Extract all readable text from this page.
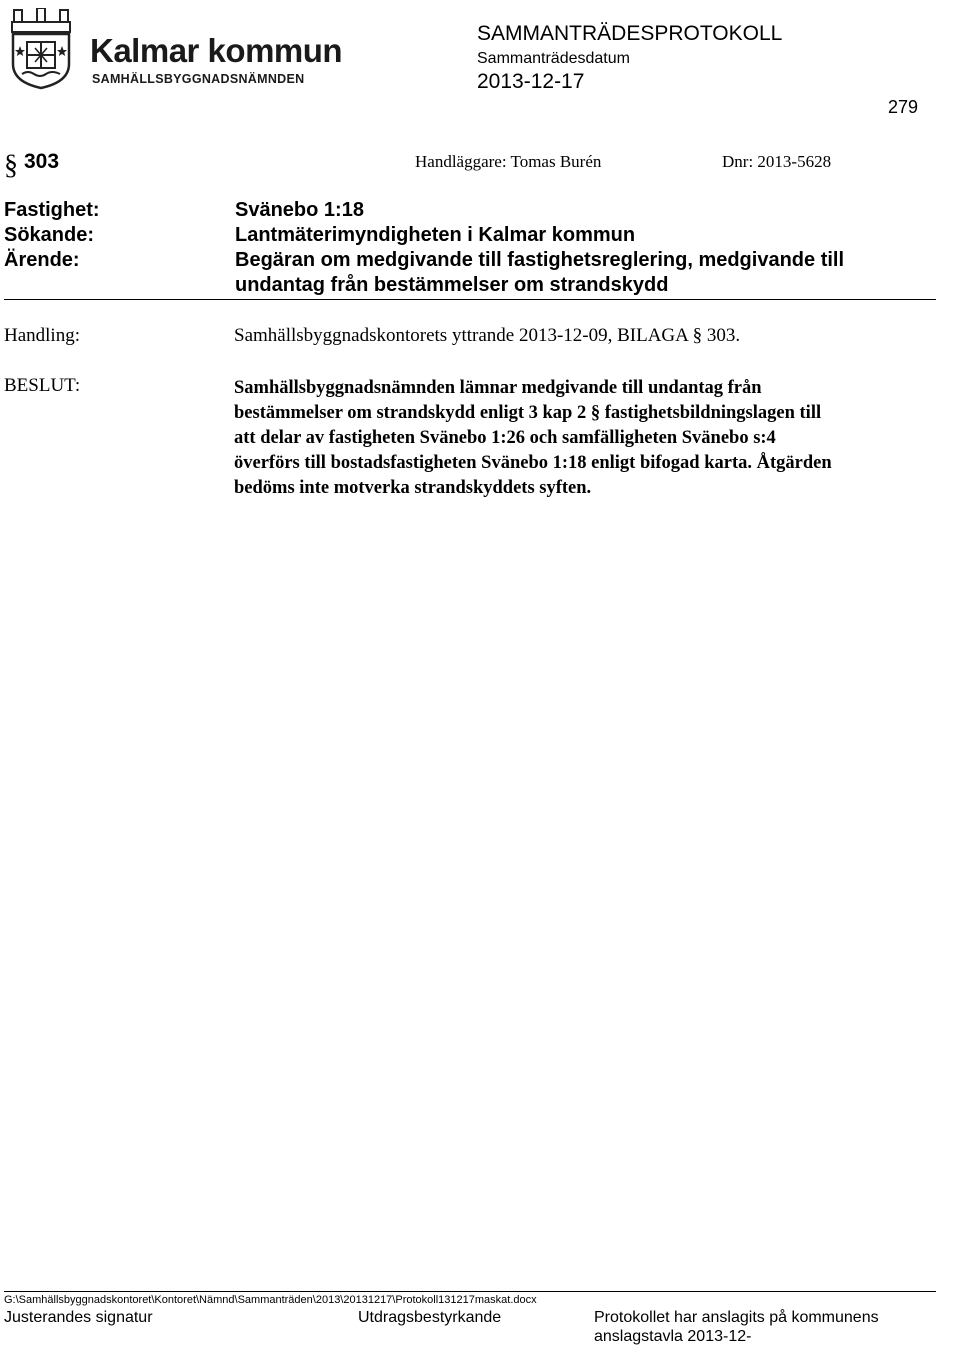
Kalmar kommun
SAMHÄLLSBYGGNADSNÄMNDEN
SAMMANTRÄDESPROTOKOLL
Sammanträdesdatum
2013-12-17
279
§ 303	Handläggare: Tomas Burén	Dnr: 2013-5628
Fastighet:	Svänebo 1:18
Sökande:	Lantmäterimyndigheten i Kalmar kommun
Ärende:	Begäran om medgivande till fastighetsreglering, medgivande till
undantag från bestämmelser om strandskydd
Handling:	Samhällsbyggnadskontorets yttrande 2013-12-09, BILAGA § 303.
BESLUT:	Samhällsbyggnadsnämnden lämnar medgivande till undantag från
bestämmelser om strandskydd enligt 3 kap 2 § fastighetsbildningslagen till
att delar av fastigheten Svänebo 1:26 och samfälligheten Svänebo s:4
överförs till bostadsfastigheten Svänebo 1:18 enligt bifogad karta. Åtgärden
bedöms inte motverka strandskyddets syften.
G:\Samhällsbyggnadskontoret\Kontoret\Nämnd\Sammanträden\2013\20131217\Protokoll131217maskat.docx
Justerandes signatur	Utdragsbestyrkande	Protokollet har anslagits på kommunens
anslagstavla 2013-12-
